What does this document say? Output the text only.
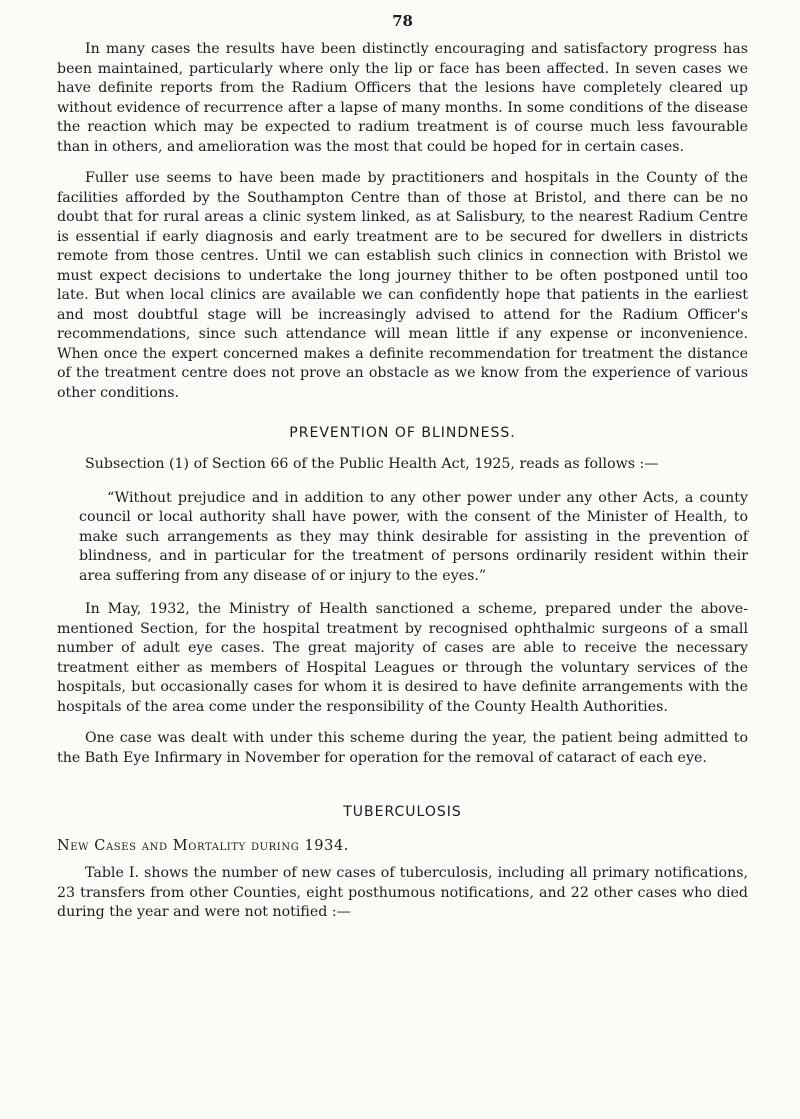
78

In many cases the results have been distinctly encouraging and satisfactory progress has been maintained, particularly where only the lip or face has been affected. In seven cases we have definite reports from the Radium Officers that the lesions have completely cleared up without evidence of recurrence after a lapse of many months. In some conditions of the disease the reaction which may be expected to radium treatment is of course much less favourable than in others, and amelioration was the most that could be hoped for in certain cases.

Fuller use seems to have been made by practitioners and hospitals in the County of the facilities afforded by the Southampton Centre than of those at Bristol, and there can be no doubt that for rural areas a clinic system linked, as at Salisbury, to the nearest Radium Centre is essential if early diagnosis and early treatment are to be secured for dwellers in districts remote from those centres. Until we can establish such clinics in connection with Bristol we must expect decisions to undertake the long journey thither to be often postponed until too late. But when local clinics are available we can confidently hope that patients in the earliest and most doubtful stage will be increasingly advised to attend for the Radium Officer's recommendations, since such attendance will mean little if any expense or inconvenience. When once the expert concerned makes a definite recommendation for treatment the distance of the treatment centre does not prove an obstacle as we know from the experience of various other conditions.

PREVENTION OF BLINDNESS.

Subsection (1) of Section 66 of the Public Health Act, 1925, reads as follows :—

“Without prejudice and in addition to any other power under any other Acts, a county council or local authority shall have power, with the consent of the Minister of Health, to make such arrangements as they may think desirable for assisting in the prevention of blindness, and in particular for the treatment of persons ordinarily resident within their area suffering from any disease of or injury to the eyes.”

In May, 1932, the Ministry of Health sanctioned a scheme, prepared under the above-mentioned Section, for the hospital treatment by recognised ophthalmic surgeons of a small number of adult eye cases. The great majority of cases are able to receive the necessary treatment either as members of Hospital Leagues or through the voluntary services of the hospitals, but occasionally cases for whom it is desired to have definite arrangements with the hospitals of the area come under the responsibility of the County Health Authorities.

One case was dealt with under this scheme during the year, the patient being admitted to the Bath Eye Infirmary in November for operation for the removal of cataract of each eye.

TUBERCULOSIS
New Cases and Mortality during 1934.

Table I. shows the number of new cases of tuberculosis, including all primary notifications, 23 transfers from other Counties, eight posthumous notifications, and 22 other cases who died during the year and were not notified :—
